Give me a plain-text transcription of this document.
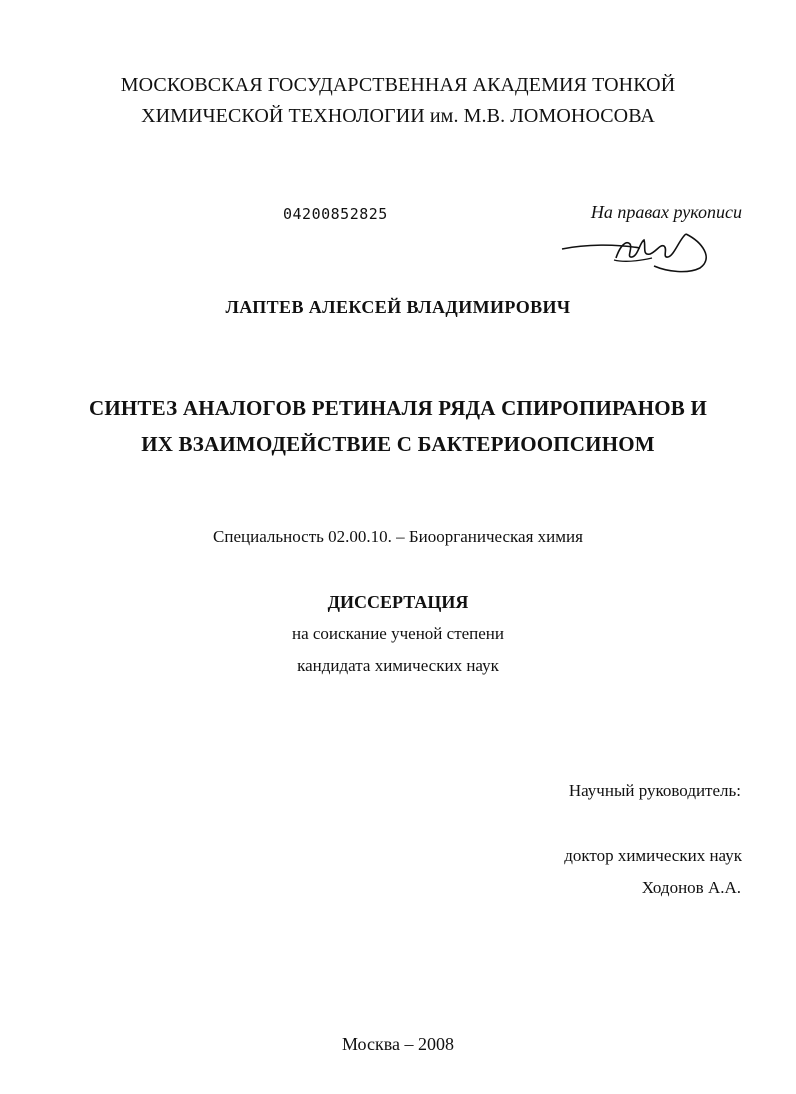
МОСКОВСКАЯ ГОСУДАРСТВЕННАЯ АКАДЕМИЯ ТОНКОЙ
ХИМИЧЕСКОЙ ТЕХНОЛОГИИ им. М.В. ЛОМОНОСОВА
04200852825	На правах рукописи
ЛАПТЕВ АЛЕКСЕЙ ВЛАДИМИРОВИЧ
СИНТЕЗ АНАЛОГОВ РЕТИНАЛЯ РЯДА СПИРОПИРАНОВ И
ИХ ВЗАИМОДЕЙСТВИЕ С БАКТЕРИООПСИНОМ
Специальность 02.00.10. – Биоорганическая химия
ДИССЕРТАЦИЯ
на соискание ученой степени
кандидата химических наук
Научный руководитель:
доктор химических наук
Ходонов А.А.
Москва – 2008
